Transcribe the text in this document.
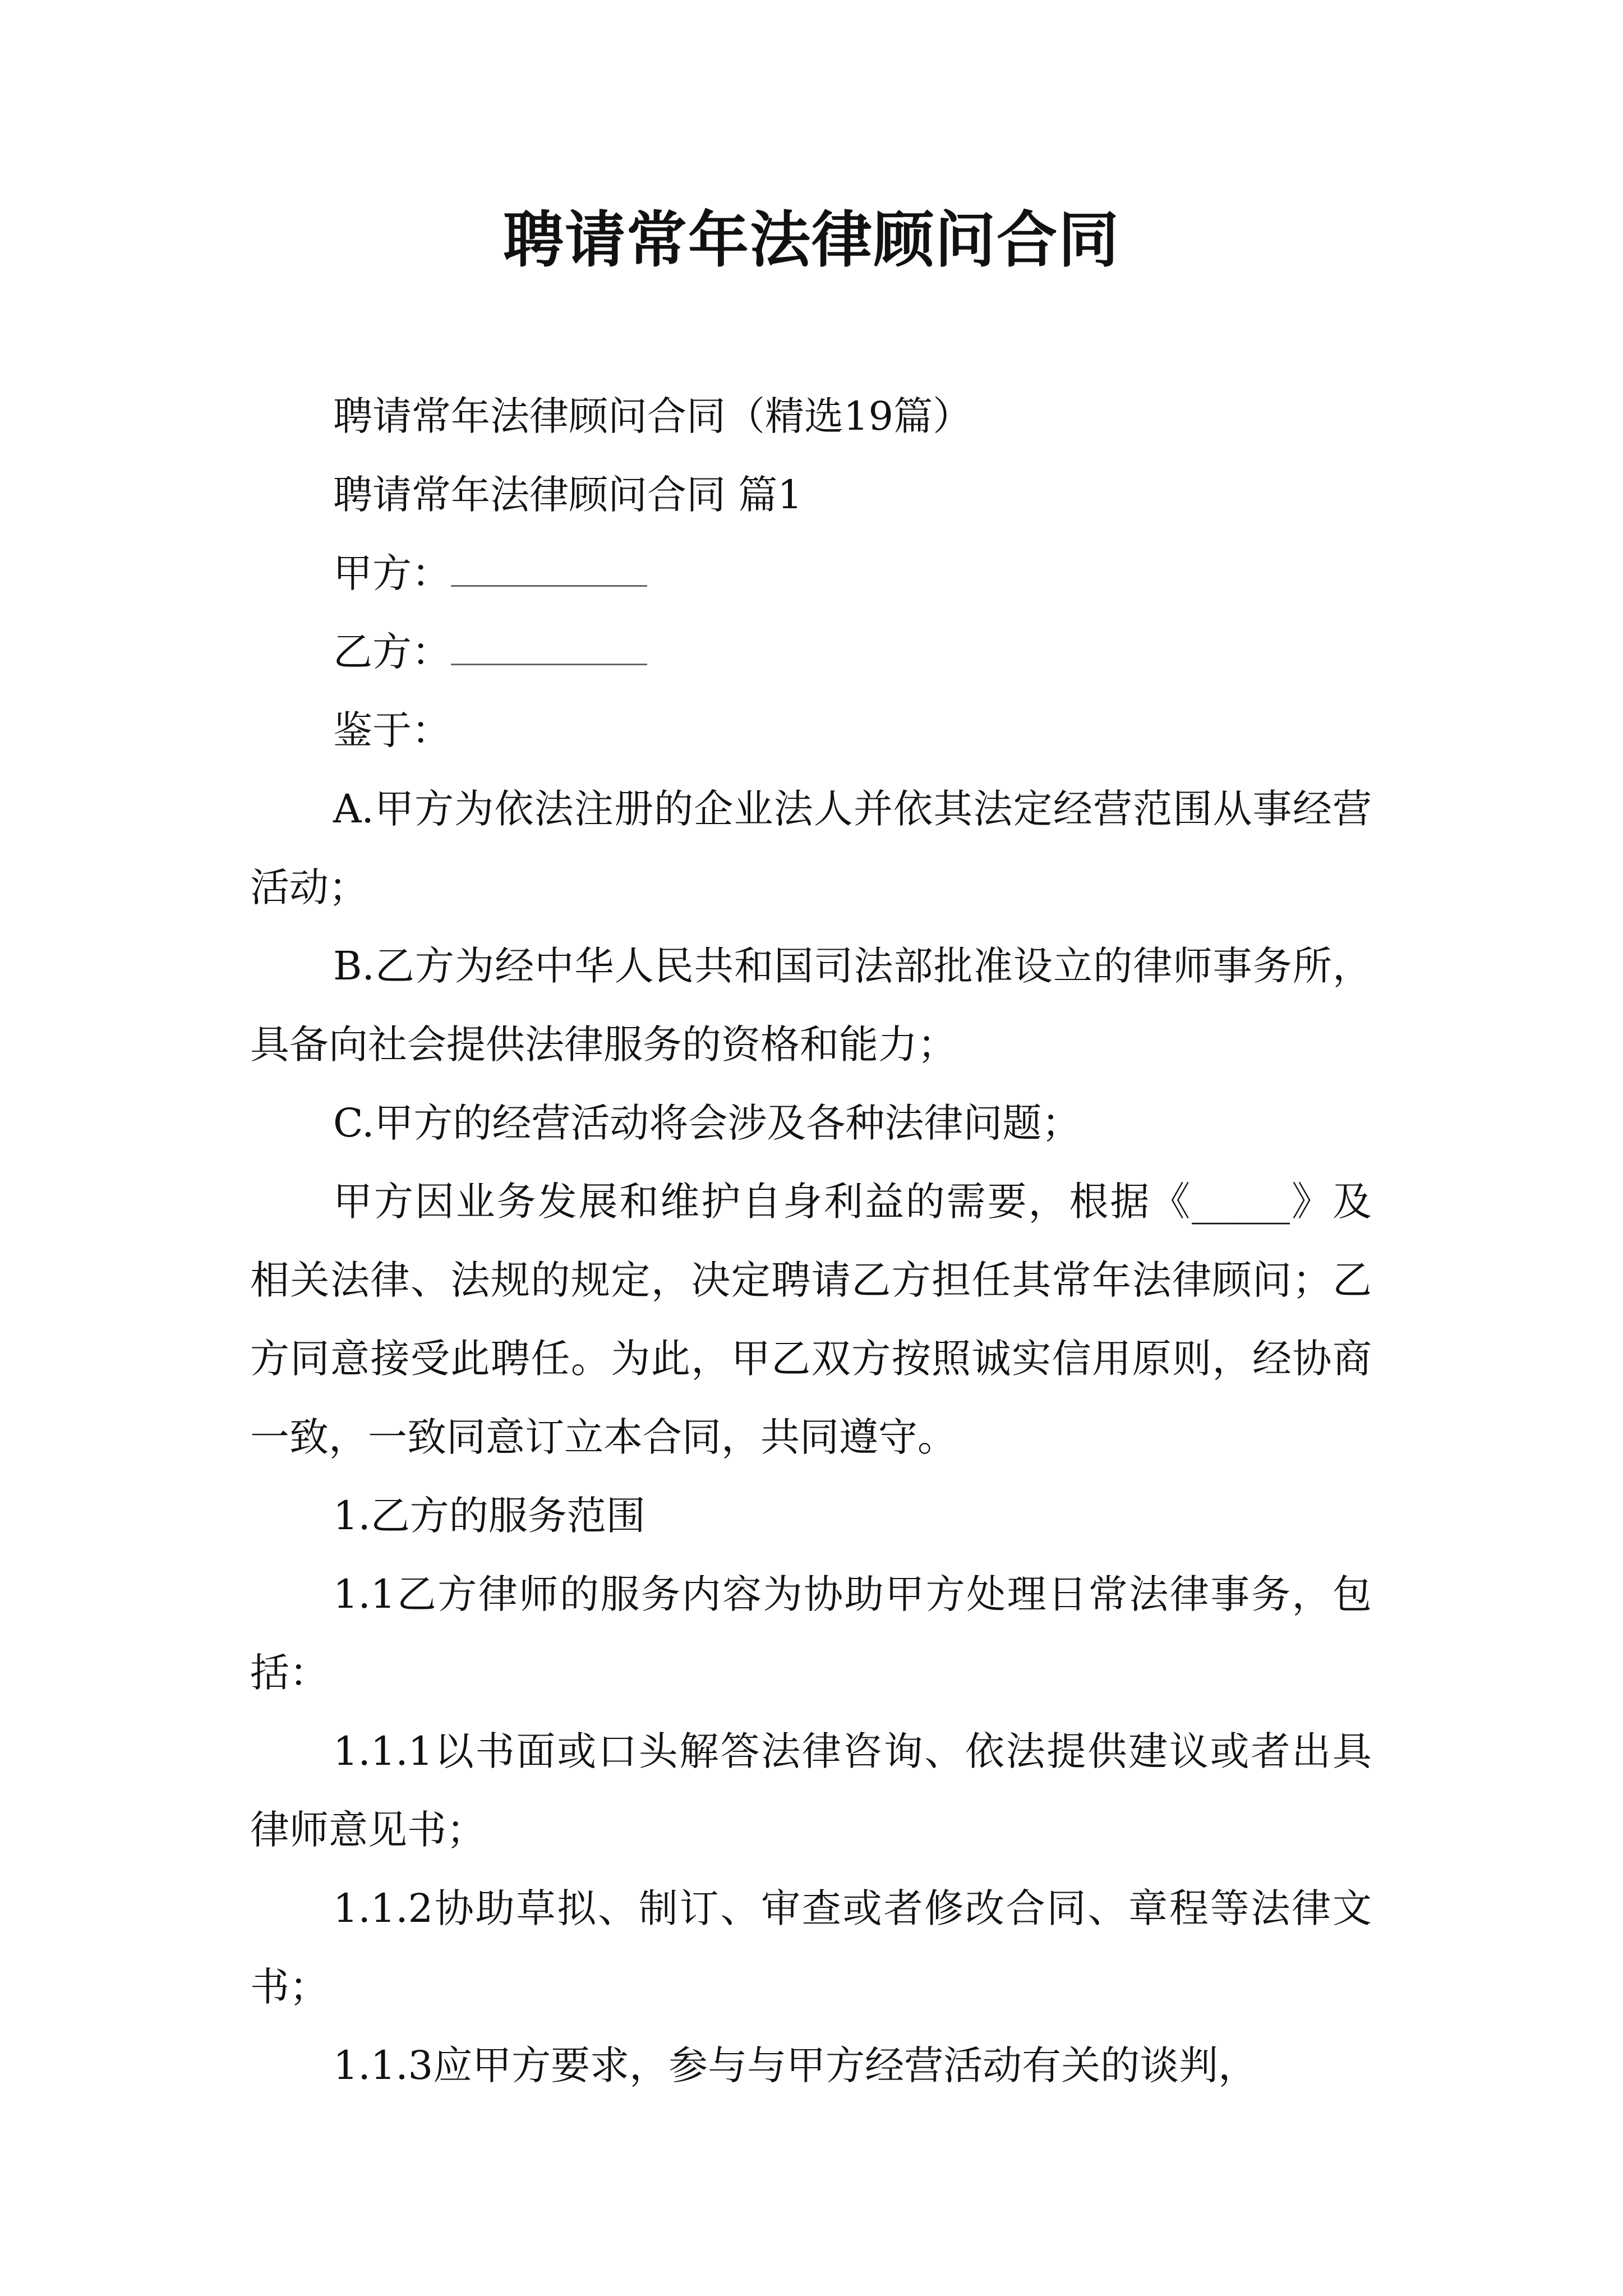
聘请常年法律顾问合同

聘请常年法律顾问合同（精选19篇）

聘请常年法律顾问合同 篇1

甲方：

乙方：

鉴于：

A.甲方为依法注册的企业法人并依其法定经营范围从事经营活动；

B.乙方为经中华人民共和国司法部批准设立的律师事务所，具备向社会提供法律服务的资格和能力；

C.甲方的经营活动将会涉及各种法律问题；

甲方因业务发展和维护自身利益的需要，根据《_____》及相关法律、法规的规定，决定聘请乙方担任其常年法律顾问；乙方同意接受此聘任。为此，甲乙双方按照诚实信用原则，经协商一致，一致同意订立本合同，共同遵守。

1.乙方的服务范围

1.1乙方律师的服务内容为协助甲方处理日常法律事务，包括：

1.1.1以书面或口头解答法律咨询、依法提供建议或者出具律师意见书；

1.1.2协助草拟、制订、审查或者修改合同、章程等法律文书；

1.1.3应甲方要求，参与与甲方经营活动有关的谈判，
